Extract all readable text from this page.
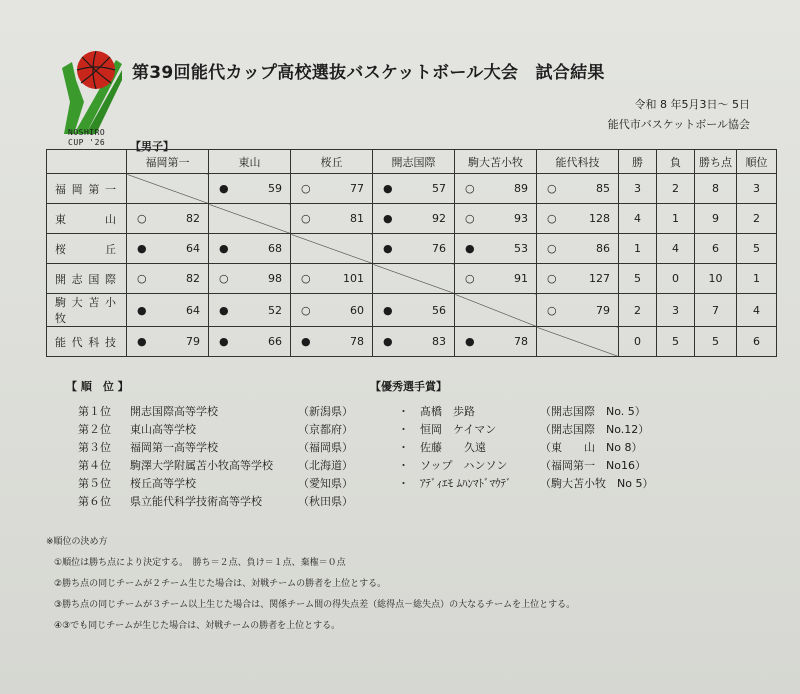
NOSHIRO
CUP '26
第39回能代カップ高校選抜バスケットボール大会　試合結果
令和 8 年5月3日～ 5日
能代市バスケットボール協会
【男子】
	福岡第一	東山	桜丘	開志国際	駒大苫小牧	能代科技	勝	負	勝ち点	順位
福岡第一		● 59	○ 77	● 57	○ 89	○ 85	3	2	8	3
東山	○ 82		○ 81	● 92	○ 93	○ 128	4	1	9	2
桜丘	● 64	● 68		● 76	● 53	○ 86	1	4	6	5
開志国際	○ 82	○ 98	○ 101		○ 91	○ 127	5	0	10	1
駒大苫小牧	● 64	● 52	○ 60	● 56		○ 79	2	3	7	4
能代科技	● 79	● 66	● 78	● 83	● 78		0	5	5	6
【 順　位 】
第１位	開志国際高等学校	（新潟県）
第２位	東山高等学校	（京都府）
第３位	福岡第一高等学校	（福岡県）
第４位	駒澤大学附属苫小牧高等学校	（北海道）
第５位	桜丘高等学校	（愛知県）
第６位	県立能代科学技術高等学校	（秋田県）
【優秀選手賞】
・	髙橋　歩路	（開志国際　No. 5）
・	恒岡　ケイマン	（開志国際　No.12）
・	佐藤　　久遠	（東　　山　No 8）
・	ソップ　ハンソン	（福岡第一　No16）
・	ｱﾃﾞｨｴﾓ ﾑﾊﾝﾏﾄﾞﾏｳﾃﾞ	（駒大苫小牧　No 5）
※順位の決め方
①順位は勝ち点により決定する。　勝ち＝２点、負け＝１点、棄権＝０点
②勝ち点の同じチームが２チーム生じた場合は、対戦チームの勝者を上位とする。
③勝ち点の同じチームが３チーム以上生じた場合は、関係チーム間の得失点差（総得点－総失点）の大なるチームを上位とする。
④③でも同じチームが生じた場合は、対戦チームの勝者を上位とする。
